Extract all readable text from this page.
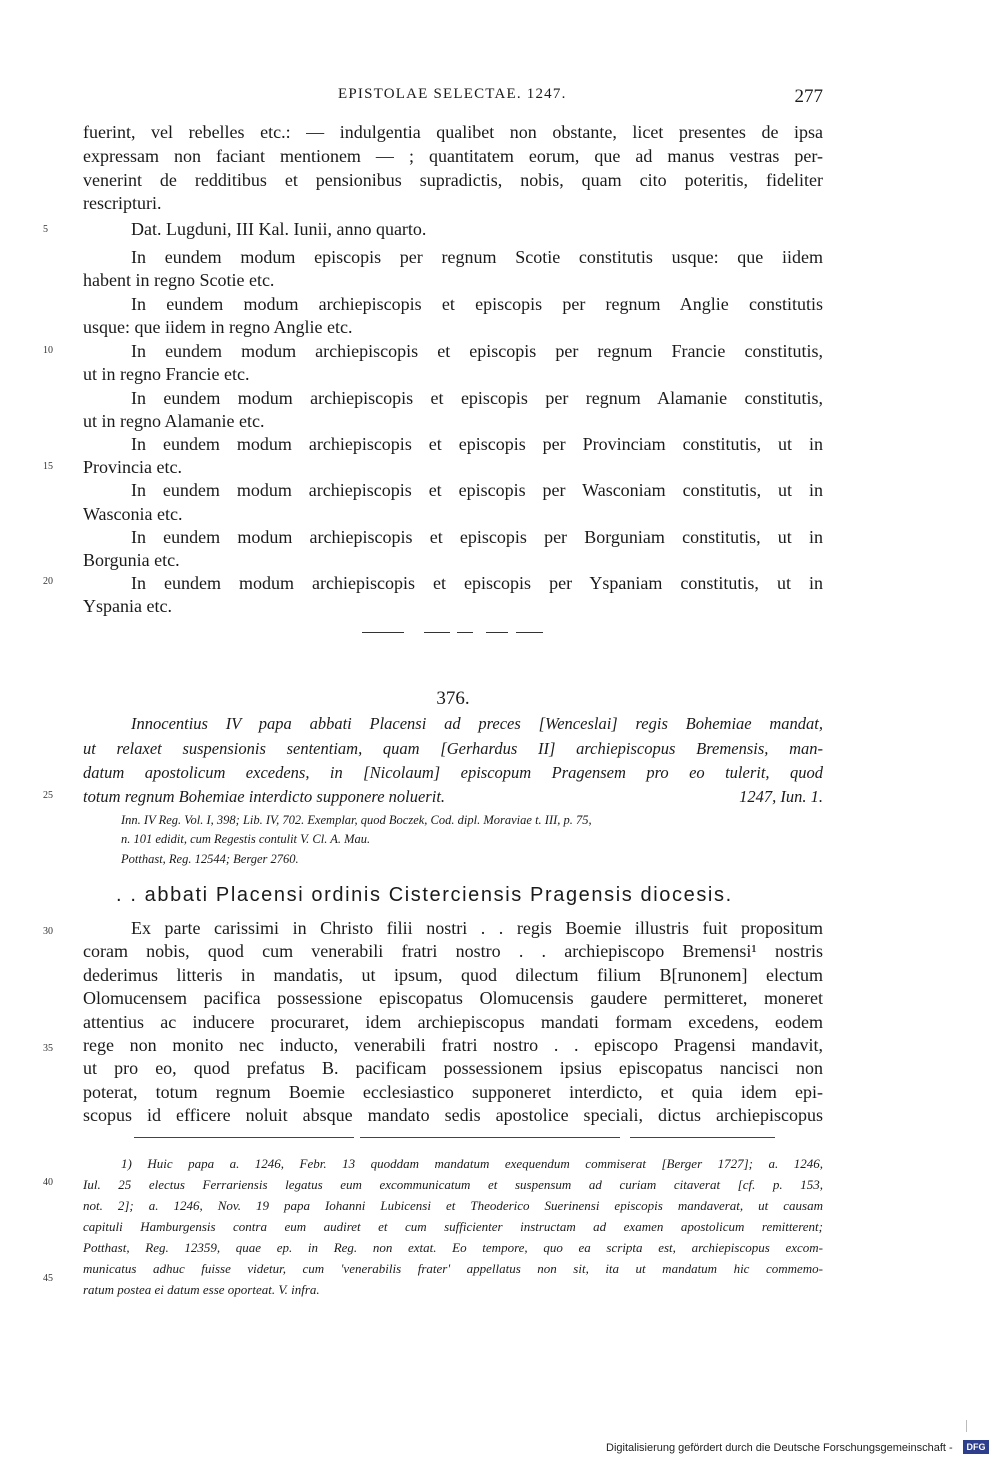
EPISTOLAE SELECTAE. 1247.	277
5
10
15
20
25
30
35
40
45
fuerint, vel rebelles etc.: — indulgentia qualibet non obstante, licet presentes de ipsa
expressam non faciant mentionem — ; quantitatem eorum, que ad manus vestras per-
venerint de redditibus et pensionibus supradictis, nobis, quam cito poteritis, fideliter
rescripturi.
Dat. Lugduni, III Kal. Iunii, anno quarto.
In eundem modum episcopis per regnum Scotie constitutis usque: que iidem
habent in regno Scotie etc.
In eundem modum archiepiscopis et episcopis per regnum Anglie constitutis
usque: que iidem in regno Anglie etc.
In eundem modum archiepiscopis et episcopis per regnum Francie constitutis,
ut in regno Francie etc.
In eundem modum archiepiscopis et episcopis per regnum Alamanie constitutis,
ut in regno Alamanie etc.
In eundem modum archiepiscopis et episcopis per Provinciam constitutis, ut in
Provincia etc.
In eundem modum archiepiscopis et episcopis per Wasconiam constitutis, ut in
Wasconia etc.
In eundem modum archiepiscopis et episcopis per Borguniam constitutis, ut in
Borgunia etc.
In eundem modum archiepiscopis et episcopis per Yspaniam constitutis, ut in
Yspania etc.
376.
Innocentius IV papa abbati Placensi ad preces [Wenceslai] regis Bohemiae mandat,
ut relaxet suspensionis sententiam, quam [Gerhardus II] archiepiscopus Bremensis, man-
datum apostolicum excedens, in [Nicolaum] episcopum Pragensem pro eo tulerit, quod
totum regnum Bohemiae interdicto supponere noluerit.	1247, Iun. 1.
Inn. IV Reg. Vol. I, 398; Lib. IV, 702. Exemplar, quod Boczek, Cod. dipl. Moraviae t. III, p. 75,
n. 101 edidit, cum Regestis contulit V. Cl. A. Mau.
Potthast, Reg. 12544; Berger 2760.
. . abbati Placensi ordinis Cisterciensis Pragensis diocesis.
Ex parte carissimi in Christo filii nostri . . regis Boemie illustris fuit propositum
coram nobis, quod cum venerabili fratri nostro . . archiepiscopo Bremensi¹ nostris
dederimus litteris in mandatis, ut ipsum, quod dilectum filium B[runonem] electum
Olomucensem pacifica possessione episcopatus Olomucensis gaudere permitteret, moneret
attentius ac inducere procuraret, idem archiepiscopus mandati formam excedens, eodem
rege non monito nec inducto, venerabili fratri nostro . . episcopo Pragensi mandavit,
ut pro eo, quod prefatus B. pacificam possessionem ipsius episcopatus nancisci non
poterat, totum regnum Boemie ecclesiastico supponeret interdicto, et quia idem epi-
scopus id efficere noluit absque mandato sedis apostolice speciali, dictus archiepiscopus
1) Huic papa a. 1246, Febr. 13 quoddam mandatum exequendum commiserat [Berger 1727]; a. 1246,
Iul. 25 electus Ferrariensis legatus eum excommunicatum et suspensum ad curiam citaverat [cf. p. 153,
not. 2]; a. 1246, Nov. 19 papa Iohanni Lubicensi et Theoderico Suerinensi episcopis mandaverat, ut causam
capituli Hamburgensis contra eum audiret et cum sufficienter instructam ad examen apostolicum remitterent;
Potthast, Reg. 12359, quae ep. in Reg. non extat. Eo tempore, quo ea scripta est, archiepiscopus excom-
municatus adhuc fuisse videtur, cum 'venerabilis frater' appellatus non sit, ita ut mandatum hic commemo-
ratum postea ei datum esse oporteat. V. infra.
Digitalisierung gefördert durch die Deutsche Forschungsgemeinschaft -	DFG
